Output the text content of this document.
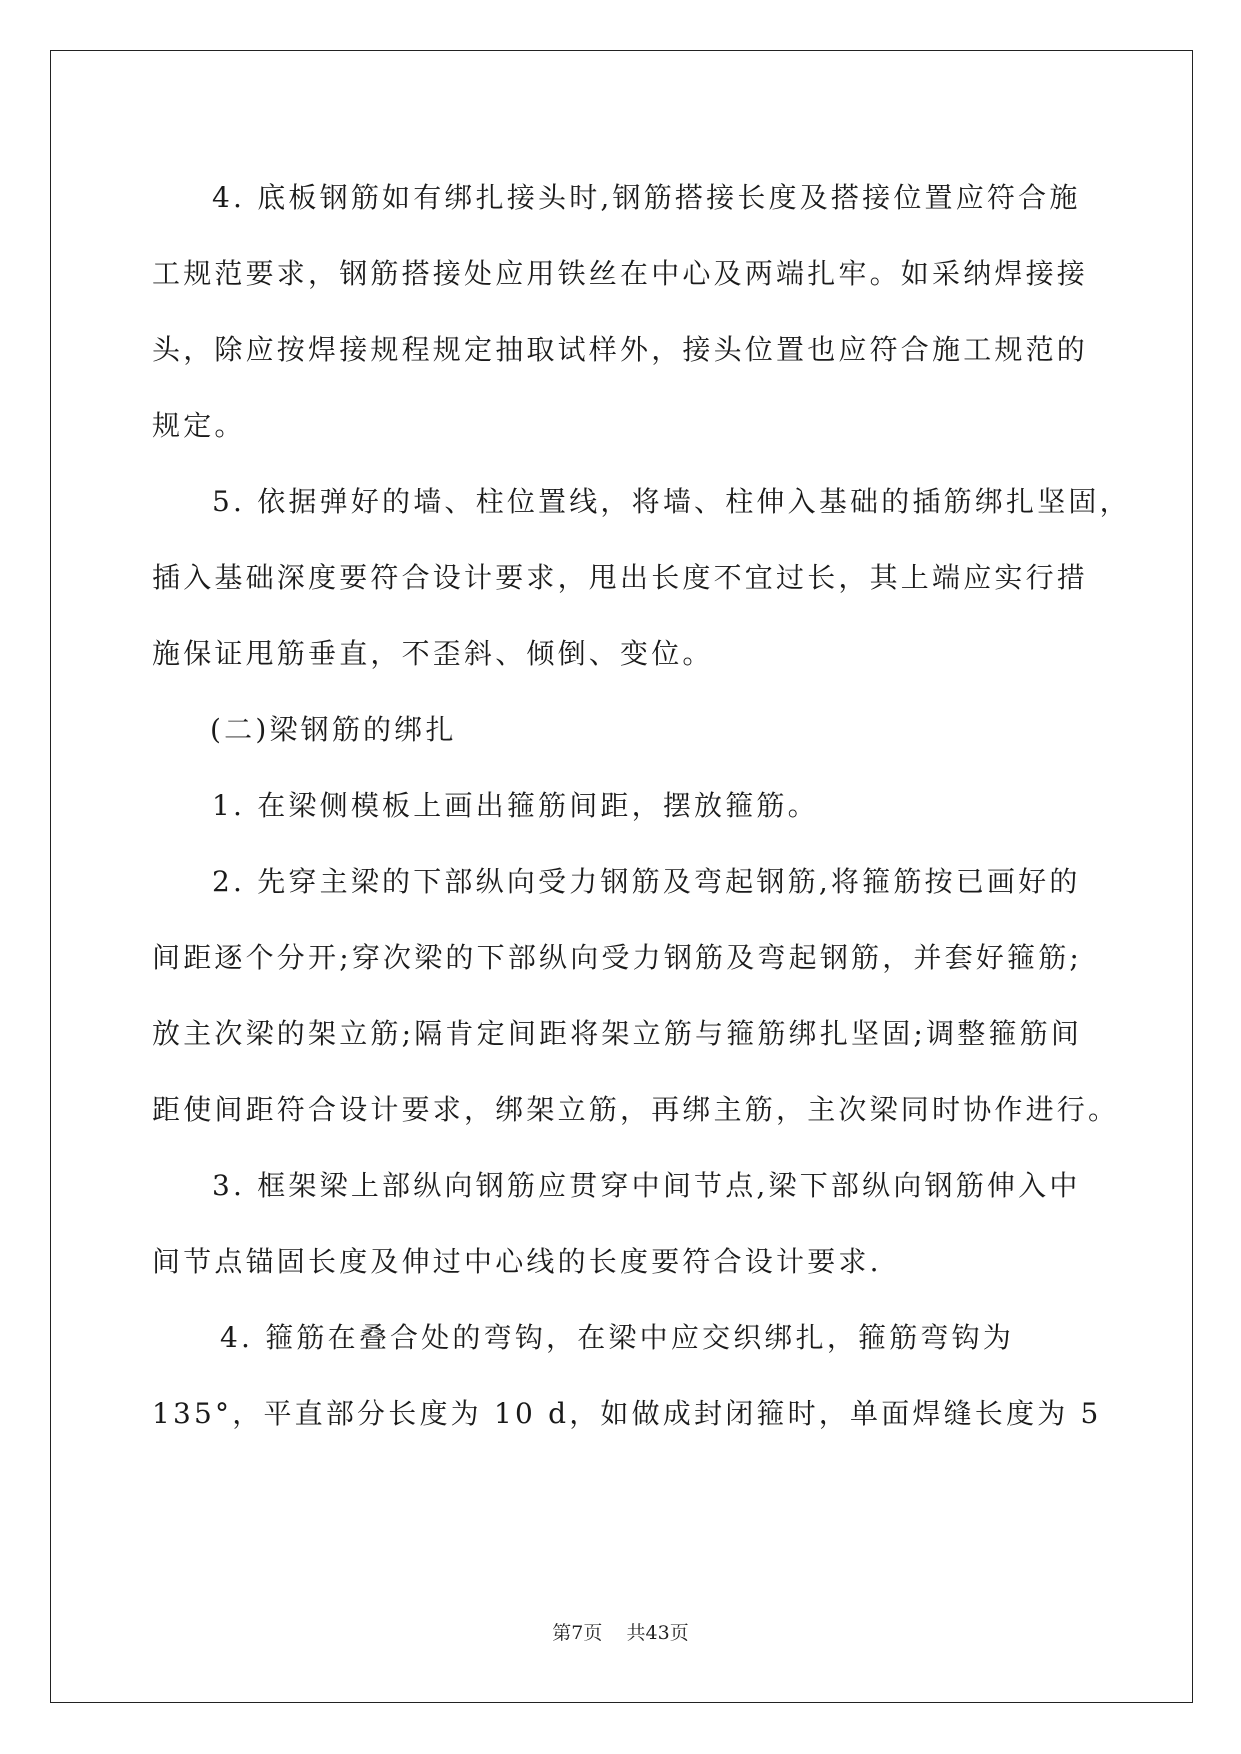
4. 底板钢筋如有绑扎接头时,钢筋搭接长度及搭接位置应符合施
工规范要求，钢筋搭接处应用铁丝在中心及两端扎牢。如采纳焊接接
头，除应按焊接规程规定抽取试样外，接头位置也应符合施工规范的
规定。
5. 依据弹好的墙、柱位置线，将墙、柱伸入基础的插筋绑扎坚固，
插入基础深度要符合设计要求，甩出长度不宜过长，其上端应实行措
施保证甩筋垂直，不歪斜、倾倒、变位。
(二)梁钢筋的绑扎
1. 在梁侧模板上画出箍筋间距，摆放箍筋。
2. 先穿主梁的下部纵向受力钢筋及弯起钢筋,将箍筋按已画好的
间距逐个分开;穿次梁的下部纵向受力钢筋及弯起钢筋，并套好箍筋;
放主次梁的架立筋;隔肯定间距将架立筋与箍筋绑扎坚固;调整箍筋间
距使间距符合设计要求，绑架立筋，再绑主筋，主次梁同时协作进行。
3. 框架梁上部纵向钢筋应贯穿中间节点,梁下部纵向钢筋伸入中
间节点锚固长度及伸过中心线的长度要符合设计要求.
4. 箍筋在叠合处的弯钩，在梁中应交织绑扎，箍筋弯钩为
135°，平直部分长度为 10 d，如做成封闭箍时，单面焊缝长度为 5
第7页 共43页
